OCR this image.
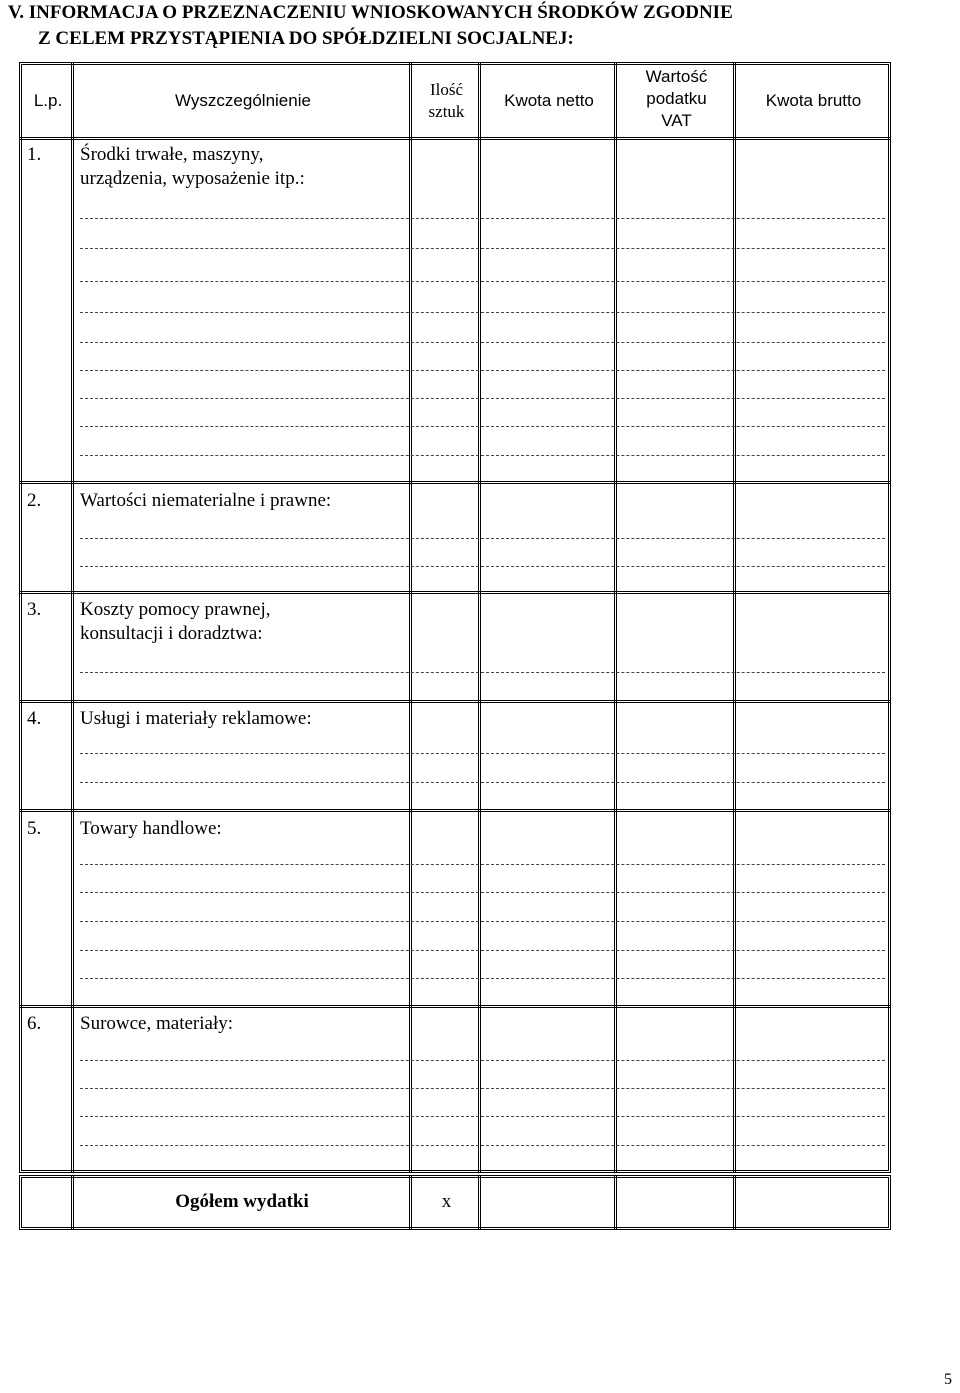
V. INFORMACJA O PRZEZNACZENIU WNIOSKOWANYCH ŚRODKÓW ZGODNIE
Z CELEM PRZYSTĄPIENIA DO SPÓŁDZIELNI SOCJALNEJ:
L.p.	Wyszczególnienie
Ilość
sztuk
Kwota netto
Wartość
podatku
VAT
Kwota brutto
1. Środki trwałe, maszyny,
urządzenia, wyposażenie itp.:
2. Wartości niematerialne i prawne:
3. Koszty pomocy prawnej,
konsultacji i doradztwa:
4. Usługi i materiały reklamowe:
5. Towary handlowe:
6. Surowce, materiały:
Ogółem wydatki	x
5
